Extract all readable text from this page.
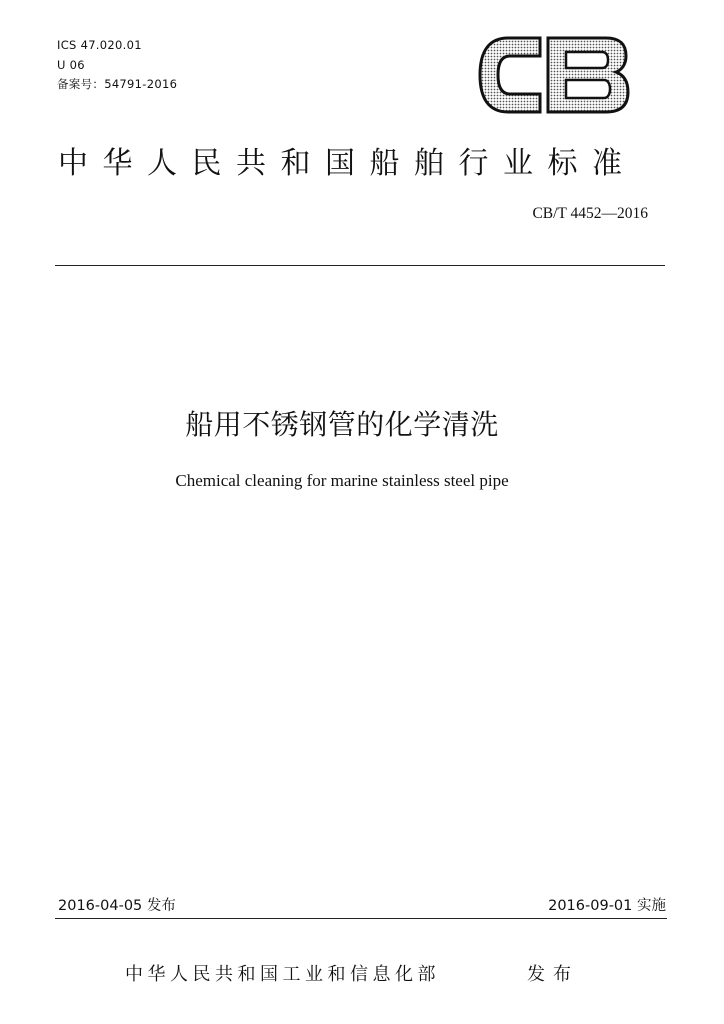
ICS 47.020.01
U 06
备案号：54791-2016
中华人民共和国船舶行业标准
CB/T 4452—2016
船用不锈钢管的化学清洗
Chemical cleaning for marine stainless steel pipe
2016-04-05 发布	2016-09-01 实施
中华人民共和国工业和信息化部	发布
